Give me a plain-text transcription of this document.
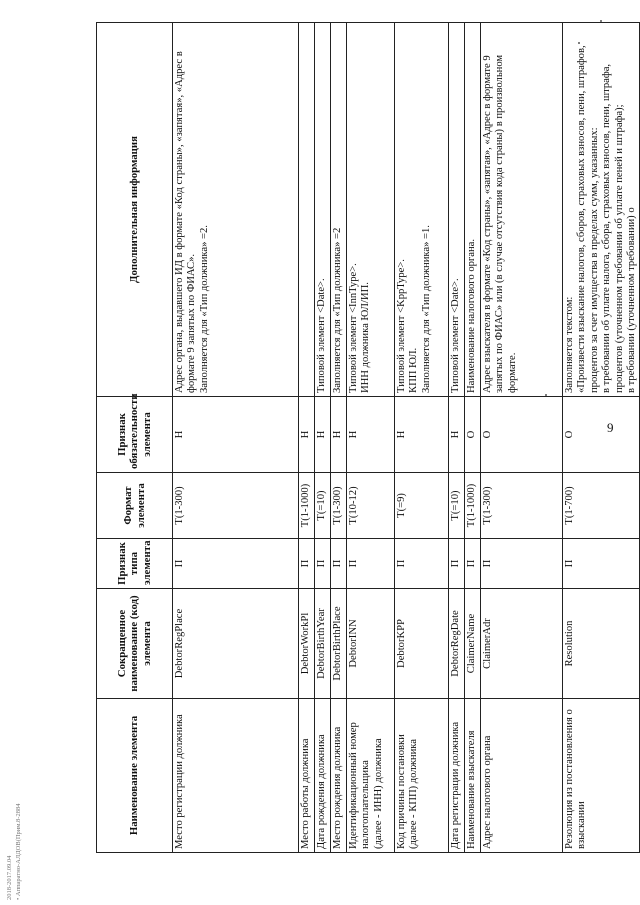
9
Наименование элемента	Сокращенное наименование (код) элемента	Признак типа элемента	Формат элемента	Признак обязательности элемента	Дополнительная информация
Место регистрации должника	DebtorRegPlace	П	Т(1-300)	Н	Адрес органа, выдавшего ИД в формате «Код страны», «запятая», «Адрес в формате 9 запятых по ФИАС».
Заполняется для «Тип должника» =2.
Место работы должника	DebtorWorkPl	П	Т(1-1000)	Н	
Дата рождения должника	DebtorBirthYear	П	Т(=10)	Н	Типовой элемент <Date>.
Место рождения должника	DebtorBirthPlace	П	Т(1-300)	Н	Заполняется для «Тип должника» =2
Идентификационный номер налогоплательщика
(далее - ИНН) должника	DebtorINN	П	Т(10-12)	Н	Типовой элемент <InnType>.
ИНН должника ЮЛ/ИП.
Код причины постановки
(далее - КПП) должника	DebtorKPP	П	Т(=9)	Н	Типовой элемент <KppType>.
КПП ЮЛ.
Заполняется для «Тип должника» =1.
Дата регистрации должника	DebtorRegDate	П	Т(=10)	Н	Типовой элемент <Date>.
Наименование взыскателя	ClaimerName	П	Т(1-1000)	О	Наименование налогового органа.
Адрес налогового органа	ClaimerAdr	П	Т(1-300)	О	Адрес взыскателя в формате «Код страны», «запятая», «Адрес в формате 9 запятых по ФИАС» или (в случае отсутствия кода страны) в произвольном формате.
Резолюция из постановления о взыскании	Resolution	П	Т(1-700)	О	Заполняется текстом:
«Произвести взыскание налогов, сборов, страховых взносов, пени, штрафов, процентов за счет имущества в пределах сумм, указанных:
в требовании об уплате налога, сбора, страховых взносов, пени, штрафа, процентов (уточненном требовании об уплате пеней и штрафа);
в требовании (уточненном требовании) о
2018-2017.09.04 • Аппаратно-АЛДОВ(Прим.8-2884
